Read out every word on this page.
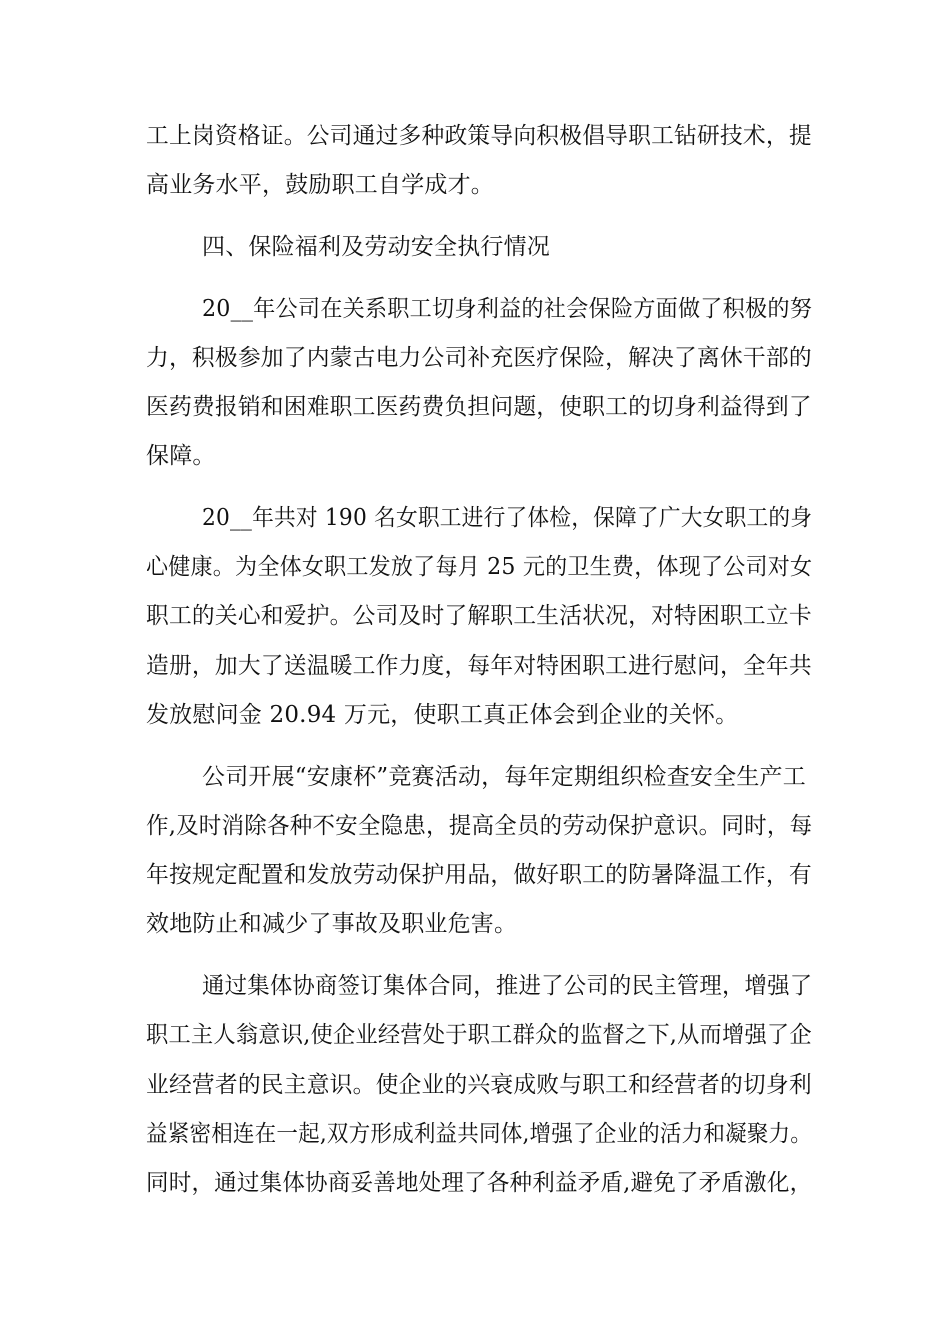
工上岗资格证。公司通过多种政策导向积极倡导职工钻研技术，提
高业务水平，鼓励职工自学成才。
四、保险福利及劳动安全执行情况
20__年公司在关系职工切身利益的社会保险方面做了积极的努
力，积极参加了内蒙古电力公司补充医疗保险，解决了离休干部的
医药费报销和困难职工医药费负担问题，使职工的切身利益得到了
保障。
20__年共对 190 名女职工进行了体检，保障了广大女职工的身
心健康。为全体女职工发放了每月 25 元的卫生费，体现了公司对女
职工的关心和爱护。公司及时了解职工生活状况，对特困职工立卡
造册，加大了送温暖工作力度，每年对特困职工进行慰问，全年共
发放慰问金 20.94 万元，使职工真正体会到企业的关怀。
公司开展“安康杯”竞赛活动，每年定期组织检查安全生产工
作,及时消除各种不安全隐患，提高全员的劳动保护意识。同时，每
年按规定配置和发放劳动保护用品，做好职工的防暑降温工作，有
效地防止和减少了事故及职业危害。
通过集体协商签订集体合同，推进了公司的民主管理，增强了
职工主人翁意识,使企业经营处于职工群众的监督之下,从而增强了企
业经营者的民主意识。使企业的兴衰成败与职工和经营者的切身利
益紧密相连在一起,双方形成利益共同体,增强了企业的活力和凝聚力。
同时，通过集体协商妥善地处理了各种利益矛盾,避免了矛盾激化，
